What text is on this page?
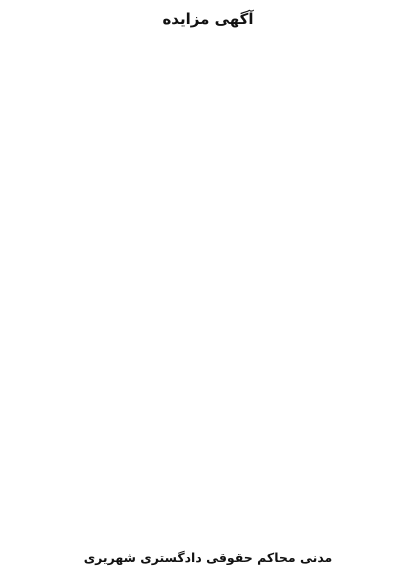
آگهی مزایده
مدنی محاکم حقوقی دادگستری شهریری
